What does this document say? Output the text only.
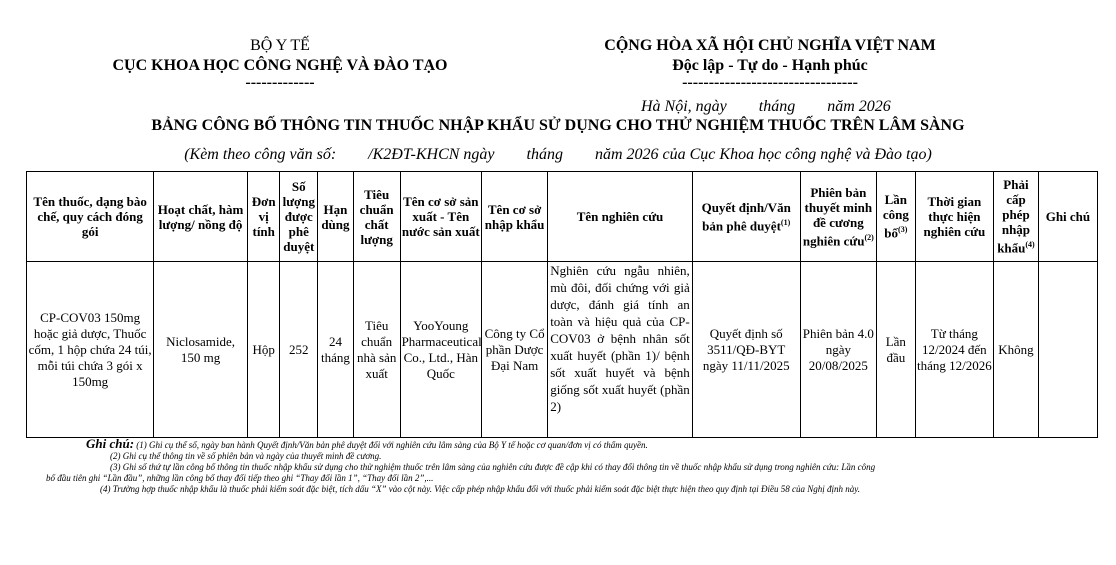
BỘ Y TẾ
CỤC KHOA HỌC CÔNG NGHỆ VÀ ĐÀO TẠO
-------------
CỘNG HÒA XÃ HỘI CHỦ NGHĨA VIỆT NAM
Độc lập - Tự do - Hạnh phúc
---------------------------------
Hà Nội, ngày        tháng        năm 2026
BẢNG CÔNG BỐ THÔNG TIN THUỐC NHẬP KHẨU SỬ DỤNG CHO THỬ NGHIỆM THUỐC TRÊN LÂM SÀNG
(Kèm theo công văn số:        /K2ĐT-KHCN ngày        tháng        năm 2026 của Cục Khoa học công nghệ và Đào tạo)
Tên thuốc, dạng bào chế, quy cách đóng gói	Hoạt chất, hàm lượng/ nồng độ	Đơn vị tính	Số lượng được phê duyệt	Hạn dùng	Tiêu chuẩn chất lượng	Tên cơ sở sản xuất - Tên nước sản xuất	Tên cơ sở nhập khẩu	Tên nghiên cứu	Quyết định/Văn bản phê duyệt$^{(1)}$	Phiên bản thuyết minh đề cương nghiên cứu$^{(2)}$	Lần công bố$^{(3)}$	Thời gian thực hiện nghiên cứu	Phải cấp phép nhập khẩu$^{(4)}$	Ghi chú
CP-COV03 150mg hoặc giả dược, Thuốc cốm, 1 hộp chứa 24 túi, mỗi túi chứa 3 gói x 150mg	Niclosamide, 150 mg	Hộp	252	24 tháng	Tiêu chuẩn nhà sản xuất	YooYoung Pharmaceutical Co., Ltd., Hàn Quốc	Công ty Cổ phần Dược Đại Nam	Nghiên cứu ngẫu nhiên, mù đôi, đối chứng với giả dược, đánh giá tính an toàn và hiệu quả của CP-COV03 ở bệnh nhân sốt xuất huyết (phần 1)/ bệnh sốt xuất huyết và bệnh giống sốt xuất huyết (phần 2)	Quyết định số 3511/QĐ-BYT ngày 11/11/2025	Phiên bản 4.0 ngày 20/08/2025	Lần đầu	Từ tháng 12/2024 đến tháng 12/2026	Không	
Ghi chú: (1) Ghi cụ thể số, ngày ban hành Quyết định/Văn bản phê duyệt đối với nghiên cứu lâm sàng của Bộ Y tế hoặc cơ quan/đơn vị có thẩm quyền.
(2) Ghi cụ thể thông tin về số phiên bản và ngày của thuyết minh đề cương.
(3) Ghi số thứ tự lần công bố thông tin thuốc nhập khẩu sử dụng cho thử nghiệm thuốc trên lâm sàng của nghiên cứu được đề cập khi có thay đổi thông tin về thuốc nhập khẩu sử dụng trong nghiên cứu: Lần công
bố đầu tiên ghi “Lần đầu”, những lần công bố thay đổi tiếp theo ghi “Thay đổi lần 1”, “Thay đổi lần 2”,...
(4) Trường hợp thuốc nhập khẩu là thuốc phải kiểm soát đặc biệt, tích dấu “X” vào cột này. Việc cấp phép nhập khẩu đối với thuốc phải kiểm soát đặc biệt thực hiện theo quy định tại Điều 58 của Nghị định này.
